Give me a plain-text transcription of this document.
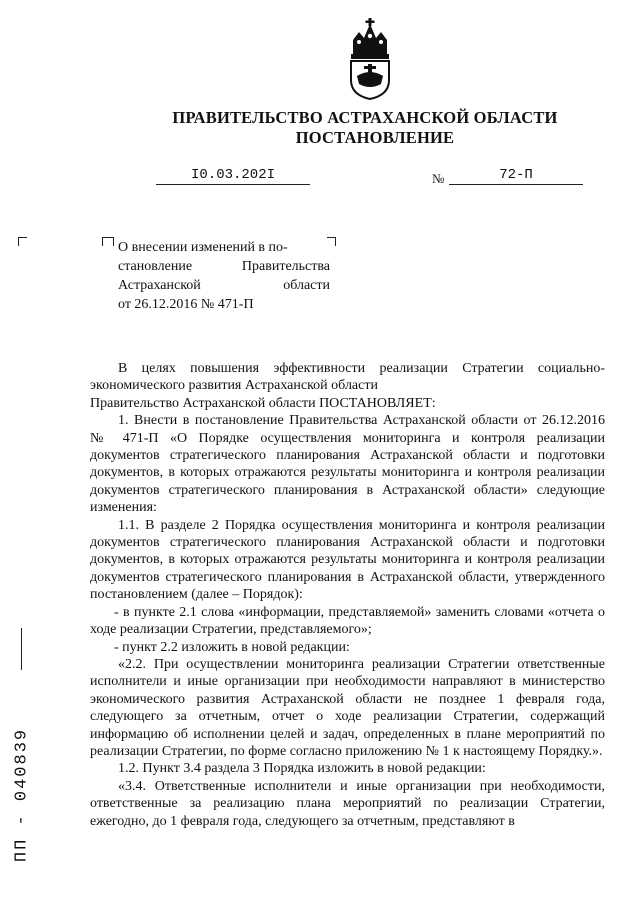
ПРАВИТЕЛЬСТВО АСТРАХАНСКОЙ ОБЛАСТИ
ПОСТАНОВЛЕНИЕ
I0.03.202I	№	72-П
О внесении изменений в по-
становление Правительства
Астраханской области
от 26.12.2016 № 471-П

В целях повышения эффективности реализации Стратегии социально-экономического развития Астраханской области

Правительство Астраханской области ПОСТАНОВЛЯЕТ:

1. Внести в постановление Правительства Астраханской области от 26.12.2016 № 471-П «О Порядке осуществления мониторинга и контроля реализации документов стратегического планирования Астраханской области и подготовки документов, в которых отражаются результаты мониторинга и контроля реализации документов стратегического планирования в Астраханской области» следующие изменения:

1.1. В разделе 2 Порядка осуществления мониторинга и контроля реализации документов стратегического планирования Астраханской области и подготовки документов, в которых отражаются результаты мониторинга и контроля реализации документов стратегического планирования в Астраханской области, утвержденного постановлением (далее – Порядок):

- в пункте 2.1 слова «информации, представляемой» заменить словами «отчета о ходе реализации Стратегии, представляемого»;

- пункт 2.2 изложить в новой редакции:

«2.2. При осуществлении мониторинга реализации Стратегии ответственные исполнители и иные организации при необходимости направляют в министерство экономического развития Астраханской области не позднее 1 февраля года, следующего за отчетным, отчет о ходе реализации Стратегии, содержащий информацию об исполнении целей и задач, определенных в плане мероприятий по реализации Стратегии, по форме согласно приложению № 1 к настоящему Порядку.».

1.2. Пункт 3.4 раздела 3 Порядка изложить в новой редакции:

«3.4. Ответственные исполнители и иные организации при необходимости, ответственные за реализацию плана мероприятий по реализации Стратегии, ежегодно, до 1 февраля года, следующего за отчетным, представляют в

ПП - 040839
